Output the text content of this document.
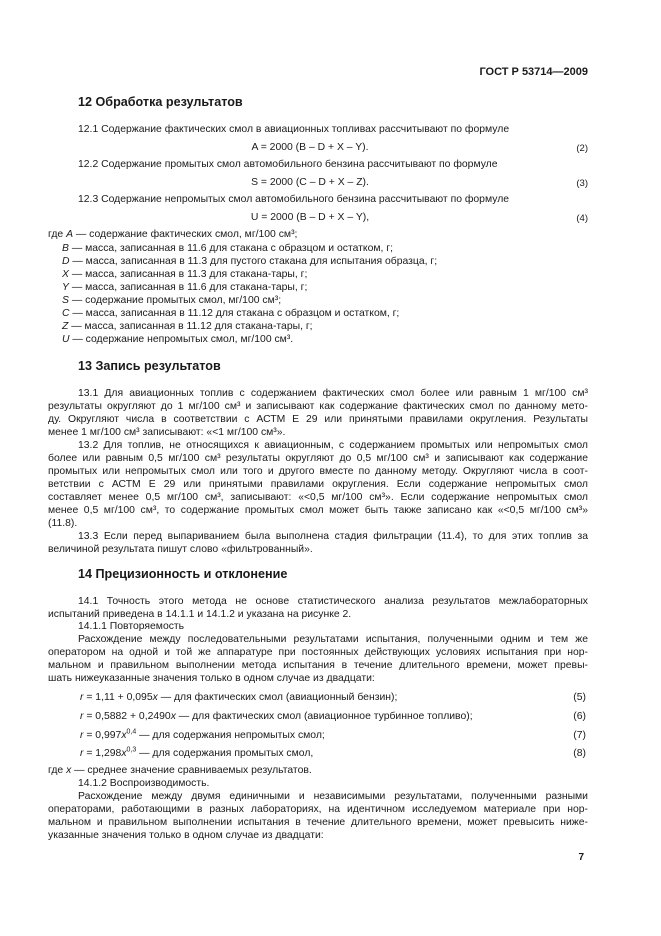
ГОСТ Р 53714—2009
7
12 Обработка результатов
12.1 Содержание фактических смол в авиационных топливах рассчитывают по формуле
(2)
A = 2000 (B – D + X – Y).
12.2 Содержание промытых смол автомобильного бензина рассчитывают по формуле
(3)
S = 2000 (C – D + X – Z).
12.3 Содержание непромытых смол автомобильного бензина рассчитывают по формуле
(4)
U = 2000 (B – D + X – Y),
где A — содержание фактических смол, мг/100 см³;
B — масса, записанная в 11.6 для стакана с образцом и остатком, г;
D — масса, записанная в 11.3 для пустого стакана для испытания образца, г;
X — масса, записанная в 11.3 для стакана-тары, г;
Y — масса, записанная в 11.6 для стакана-тары, г;
S — содержание промытых смол, мг/100 см³;
C — масса, записанная в 11.12 для стакана с образцом и остатком, г;
Z — масса, записанная в 11.12 для стакана-тары, г;
U — содержание непромытых смол, мг/100 см³.
13 Запись результатов
13.1 Для авиационных топлив с содержанием фактических смол более или равным 1 мг/100 см³
результаты округляют до 1 мг/100 см³ и записывают как содержание фактических смол по данному мето-
ду. Округляют числа в соответствии с АСТМ Е 29 или принятыми правилами округления. Результаты
менее 1 мг/100 см³ записывают: «<1 мг/100 см³».
13.2 Для топлив, не относящихся к авиационным, с содержанием промытых или непромытых смол
более или равным 0,5 мг/100 см³ результаты округляют до 0,5 мг/100 см³ и записывают как содержание
промытых или непромытых смол или того и другого вместе по данному методу. Округляют числа в соот-
ветствии с АСТМ Е 29 или принятыми правилами округления. Если содержание непромытых смол
составляет менее 0,5 мг/100 см³, записывают: «<0,5 мг/100 см³». Если содержание непромытых смол
менее 0,5 мг/100 см³, то содержание промытых смол может быть также записано как «<0,5 мг/100 см³»
(11.8).
13.3 Если перед выпариванием была выполнена стадия фильтрации (11.4), то для этих топлив за
величиной результата пишут слово «фильтрованный».
14 Прецизионность и отклонение
14.1 Точность этого метода не основе статистического анализа результатов межлабораторных
испытаний приведена в 14.1.1 и 14.1.2 и указана на рисунке 2.
14.1.1 Повторяемость
Расхождение между последовательными результатами испытания, полученными одним и тем же
оператором на одной и той же аппаратуре при постоянных действующих условиях испытания при нор-
мальном и правильном выполнении метода испытания в течение длительного времени, может превы-
шать нижеуказанные значения только в одном случае из двадцати:
(5)
r = 1,11 + 0,095x — для фактических смол (авиационный бензин);
(6)
r = 0,5882 + 0,2490x — для фактических смол (авиационное турбинное топливо);
(7)
$r = 0,997x^{0,4}$ — для содержания непромытых смол;
(8)
$r = 1,298x^{0,3}$ — для содержания промытых смол,
где x — среднее значение сравниваемых результатов.
14.1.2 Воспроизводимость.
Расхождение между двумя единичными и независимыми результатами, полученными разными
операторами, работающими в разных лабораториях, на идентичном исследуемом материале при нор-
мальном и правильном выполнении испытания в течение длительного времени, может превысить ниже-
указанные значения только в одном случае из двадцати:
